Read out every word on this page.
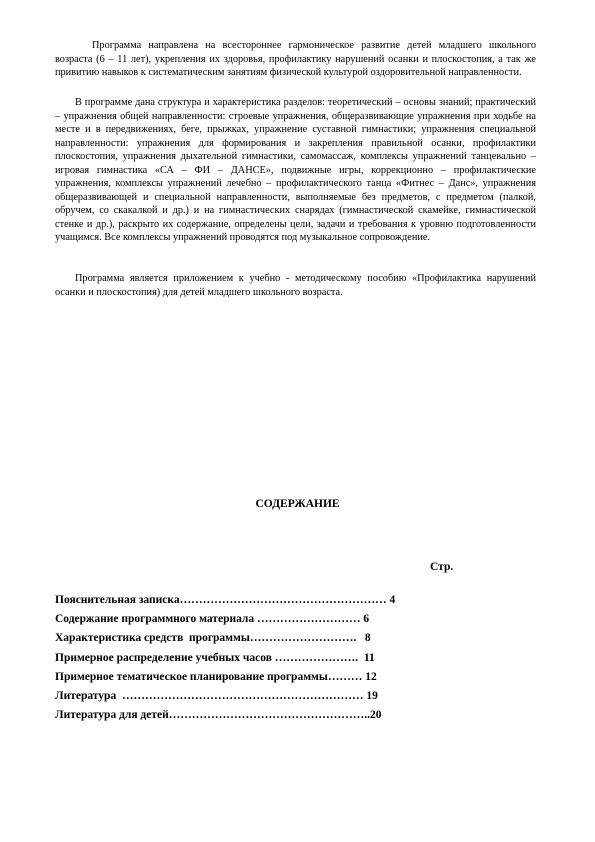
Программа направлена на всестороннее гармоническое развитие детей младшего школьного возраста (6 – 11 лет), укрепления их здоровья, профилактику нарушений осанки и плоскостопия, а так же привитию навыков к систематическим занятиям физической культурой оздоровительной направленности.

В программе дана структура и характеристика разделов: теоретический – основы знаний; практический – упражнения общей направленности: строевые упражнения, общеразвивающие упражнения при ходьбе на месте и в передвижениях, беге, прыжках, упражнение суставной гимнастики; упражнения специальной направленности: упражнения для формирования и закрепления правильной осанки, профилактики плоскостопия, упражнения дыхательной гимнастики, самомассаж, комплексы упражнений танцевально – игровая гимнастика «СА – ФИ – ДАНСЕ», подвижные игры, коррекционно – профилактические упражнения, комплексы упражнений лечебно – профилактического танца «Фитнес – Данс», упражнения общеразвивающей и специальной направленности, выполняемые без предметов, с предметом (палкой, обручем, со скакалкой и др.) и на гимнастических снарядах (гимнастической скамейке, гимнастической стенке и др.), раскрыто их содержание, определены цели, задачи и требования к уровню подготовленности учащимся. Все комплексы упражнений проводятся под музыкальное сопровождение.

Программа является приложением к учебно - методическому пособию «Профилактика нарушений осанки и плоскостопия) для детей младшего школьного возраста.

СОДЕРЖАНИЕ
Стр.
Пояснительная записка……………………………………………… 4
Содержание программного материала ……………………… 6
Характеристика средств  программы……………………….   8
Примерное распределение учебных часов ………………….  11
Примерное тематическое планирование программы……… 12
Литература  ……………………………………………………… 19
Литература для детей……………………………………………..20
